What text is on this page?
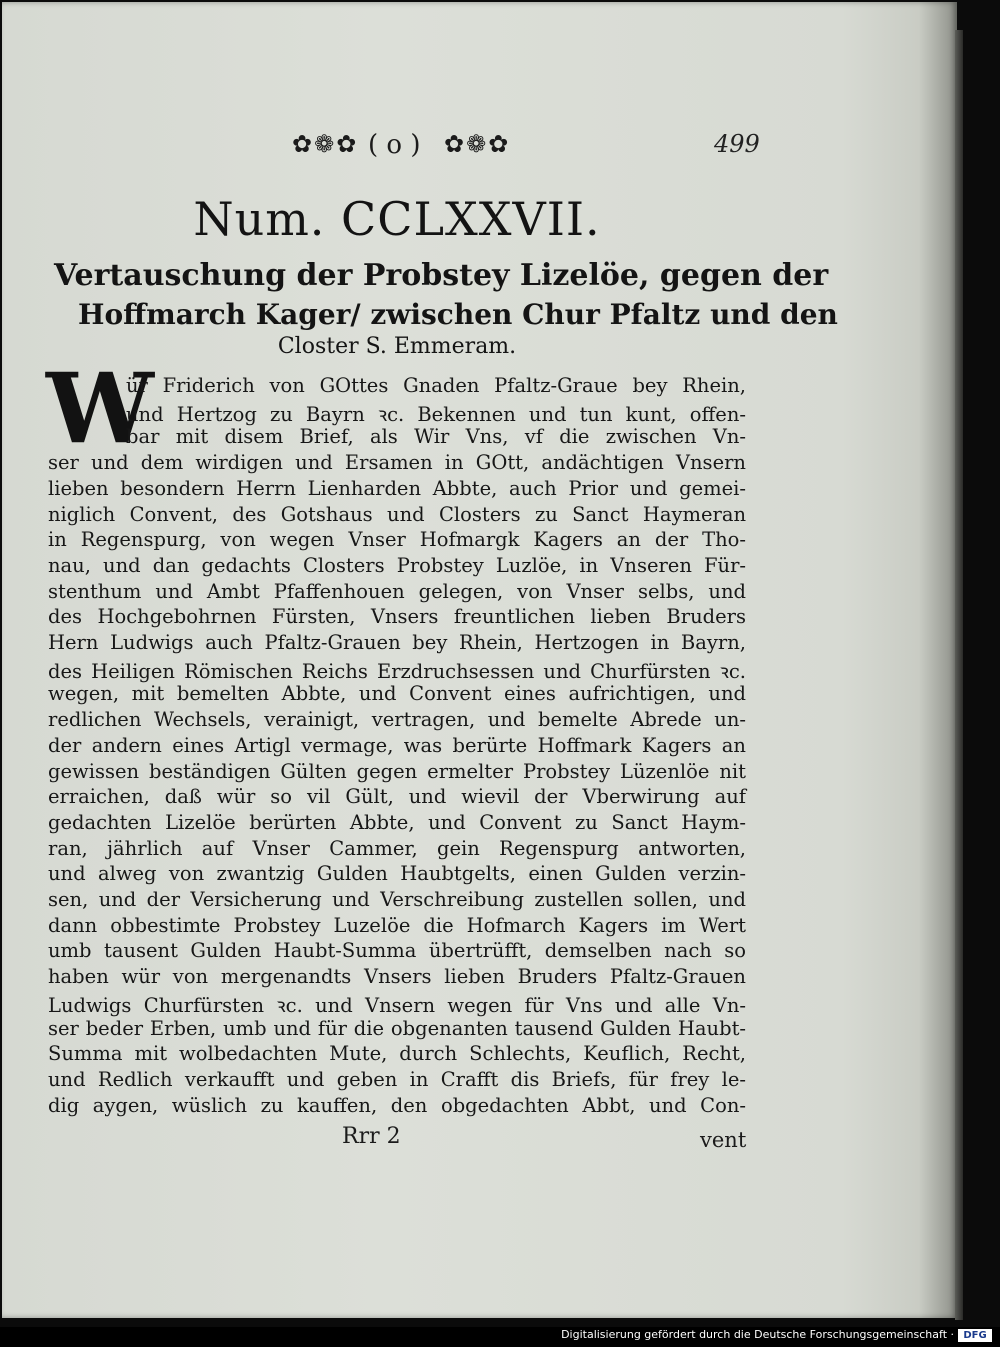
✿❁✿ ( o ) ✿❁✿	499
Num. CCLXXVII.
Vertauschung der Probstey Lizelöe, gegen der
Hoffmarch Kager/ zwischen Chur Pfaltz und den
Closter S. Emmeram.
W
ür Friderich von GOttes Gnaden Pfaltz-Graue bey Rhein,
und Hertzog zu Bayrn ꝛc. Bekennen und tun kunt, offen-
bar mit disem Brief, als Wir Vns, vf die zwischen Vn-
ser und dem wirdigen und Ersamen in GOtt, andächtigen Vnsern
lieben besondern Herrn Lienharden Abbte, auch Prior und gemei-
niglich Convent, des Gotshaus und Closters zu Sanct Haymeran
in Regenspurg, von wegen Vnser Hofmargk Kagers an der Tho-
nau, und dan gedachts Closters Probstey Luzlöe, in Vnseren Für-
stenthum und Ambt Pfaffenhouen gelegen, von Vnser selbs, und
des Hochgebohrnen Fürsten, Vnsers freuntlichen lieben Bruders
Hern Ludwigs auch Pfaltz-Grauen bey Rhein, Hertzogen in Bayrn,
des Heiligen Römischen Reichs Erzdruchsessen und Churfürsten ꝛc.
wegen, mit bemelten Abbte, und Convent eines aufrichtigen, und
redlichen Wechsels, verainigt, vertragen, und bemelte Abrede un-
der andern eines Artigl vermage, was berürte Hoffmark Kagers an
gewissen beständigen Gülten gegen ermelter Probstey Lüzenlöe nit
erraichen, daß wür so vil Gült, und wievil der Vberwirung auf
gedachten Lizelöe berürten Abbte, und Convent zu Sanct Haym-
ran, jährlich auf Vnser Cammer, gein Regenspurg antworten,
und alweg von zwantzig Gulden Haubtgelts, einen Gulden verzin-
sen, und der Versicherung und Verschreibung zustellen sollen, und
dann obbestimte Probstey Luzelöe die Hofmarch Kagers im Wert
umb tausent Gulden Haubt-Summa übertrüfft, demselben nach so
haben wür von mergenandts Vnsers lieben Bruders Pfaltz-Grauen
Ludwigs Churfürsten ꝛc. und Vnsern wegen für Vns und alle Vn-
ser beder Erben, umb und für die obgenanten tausend Gulden Haubt-
Summa mit wolbedachten Mute, durch Schlechts, Keuflich, Recht,
und Redlich verkaufft und geben in Crafft dis Briefs, für frey le-
dig aygen, wüslich zu kauffen, den obgedachten Abbt, und Con-
Rrr 2	vent
Digitalisierung gefördert durch die Deutsche Forschungsgemeinschaft · DFG
